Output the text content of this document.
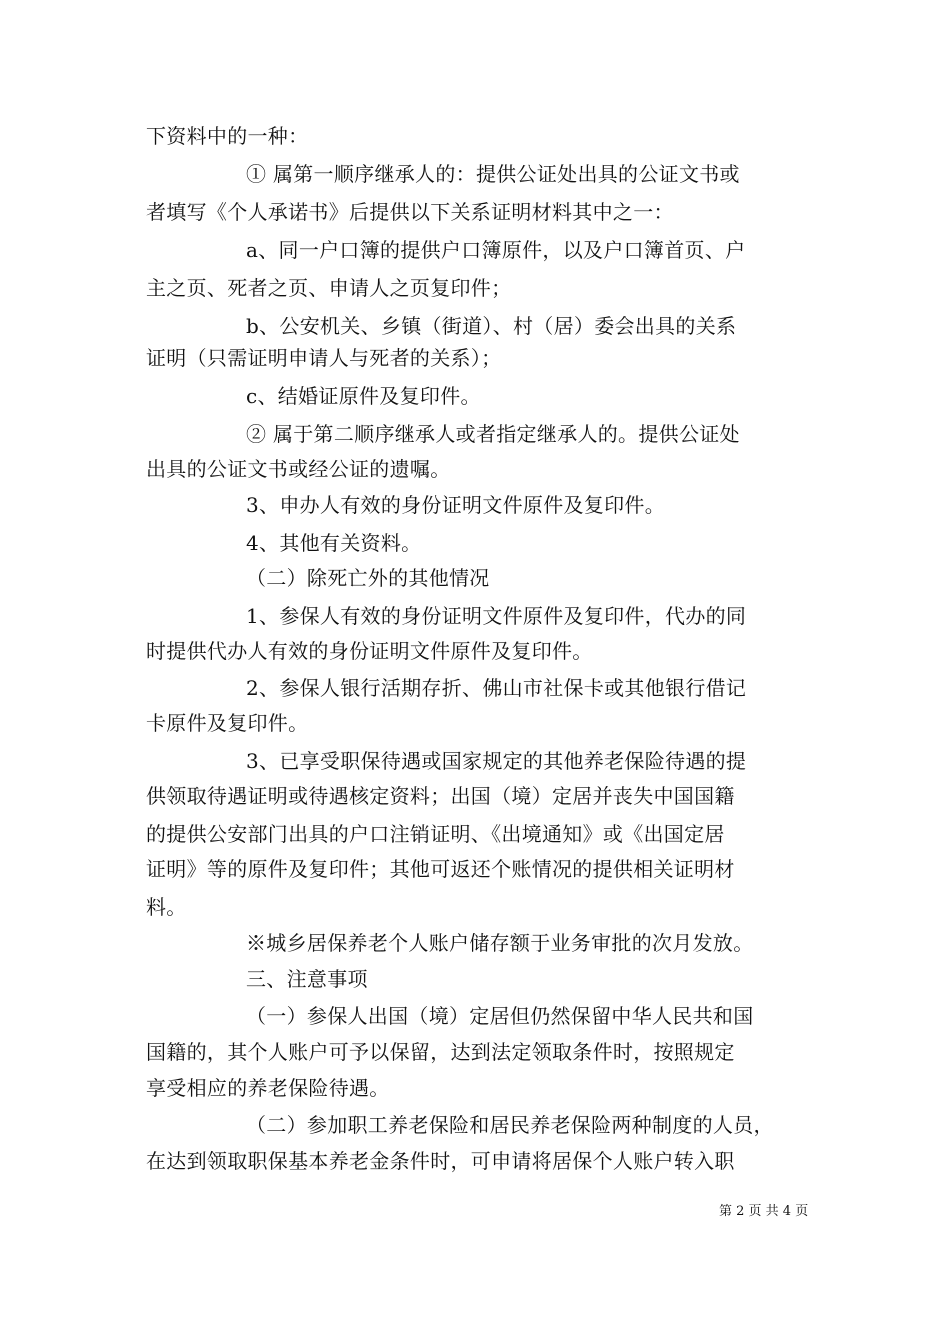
下资料中的一种：
① 属第一顺序继承人的：提供公证处出具的公证文书或
者填写《个人承诺书》后提供以下关系证明材料其中之一：
a、同一户口簿的提供户口簿原件，以及户口簿首页、户
主之页、死者之页、申请人之页复印件；
b、公安机关、乡镇（街道）、村（居）委会出具的关系
证明（只需证明申请人与死者的关系）；
c、结婚证原件及复印件。
② 属于第二顺序继承人或者指定继承人的。提供公证处
出具的公证文书或经公证的遗嘱。
3、申办人有效的身份证明文件原件及复印件。
4、其他有关资料。
（二）除死亡外的其他情况
1、参保人有效的身份证明文件原件及复印件，代办的同
时提供代办人有效的身份证明文件原件及复印件。
2、参保人银行活期存折、佛山市社保卡或其他银行借记
卡原件及复印件。
3、已享受职保待遇或国家规定的其他养老保险待遇的提
供领取待遇证明或待遇核定资料；出国（境）定居并丧失中国国籍
的提供公安部门出具的户口注销证明、《出境通知》或《出国定居
证明》等的原件及复印件；其他可返还个账情况的提供相关证明材
料。
※城乡居保养老个人账户储存额于业务审批的次月发放。
三、注意事项
（一）参保人出国（境）定居但仍然保留中华人民共和国
国籍的，其个人账户可予以保留，达到法定领取条件时，按照规定
享受相应的养老保险待遇。
（二）参加职工养老保险和居民养老保险两种制度的人员，
在达到领取职保基本养老金条件时，可申请将居保个人账户转入职
第 2 页 共 4 页
